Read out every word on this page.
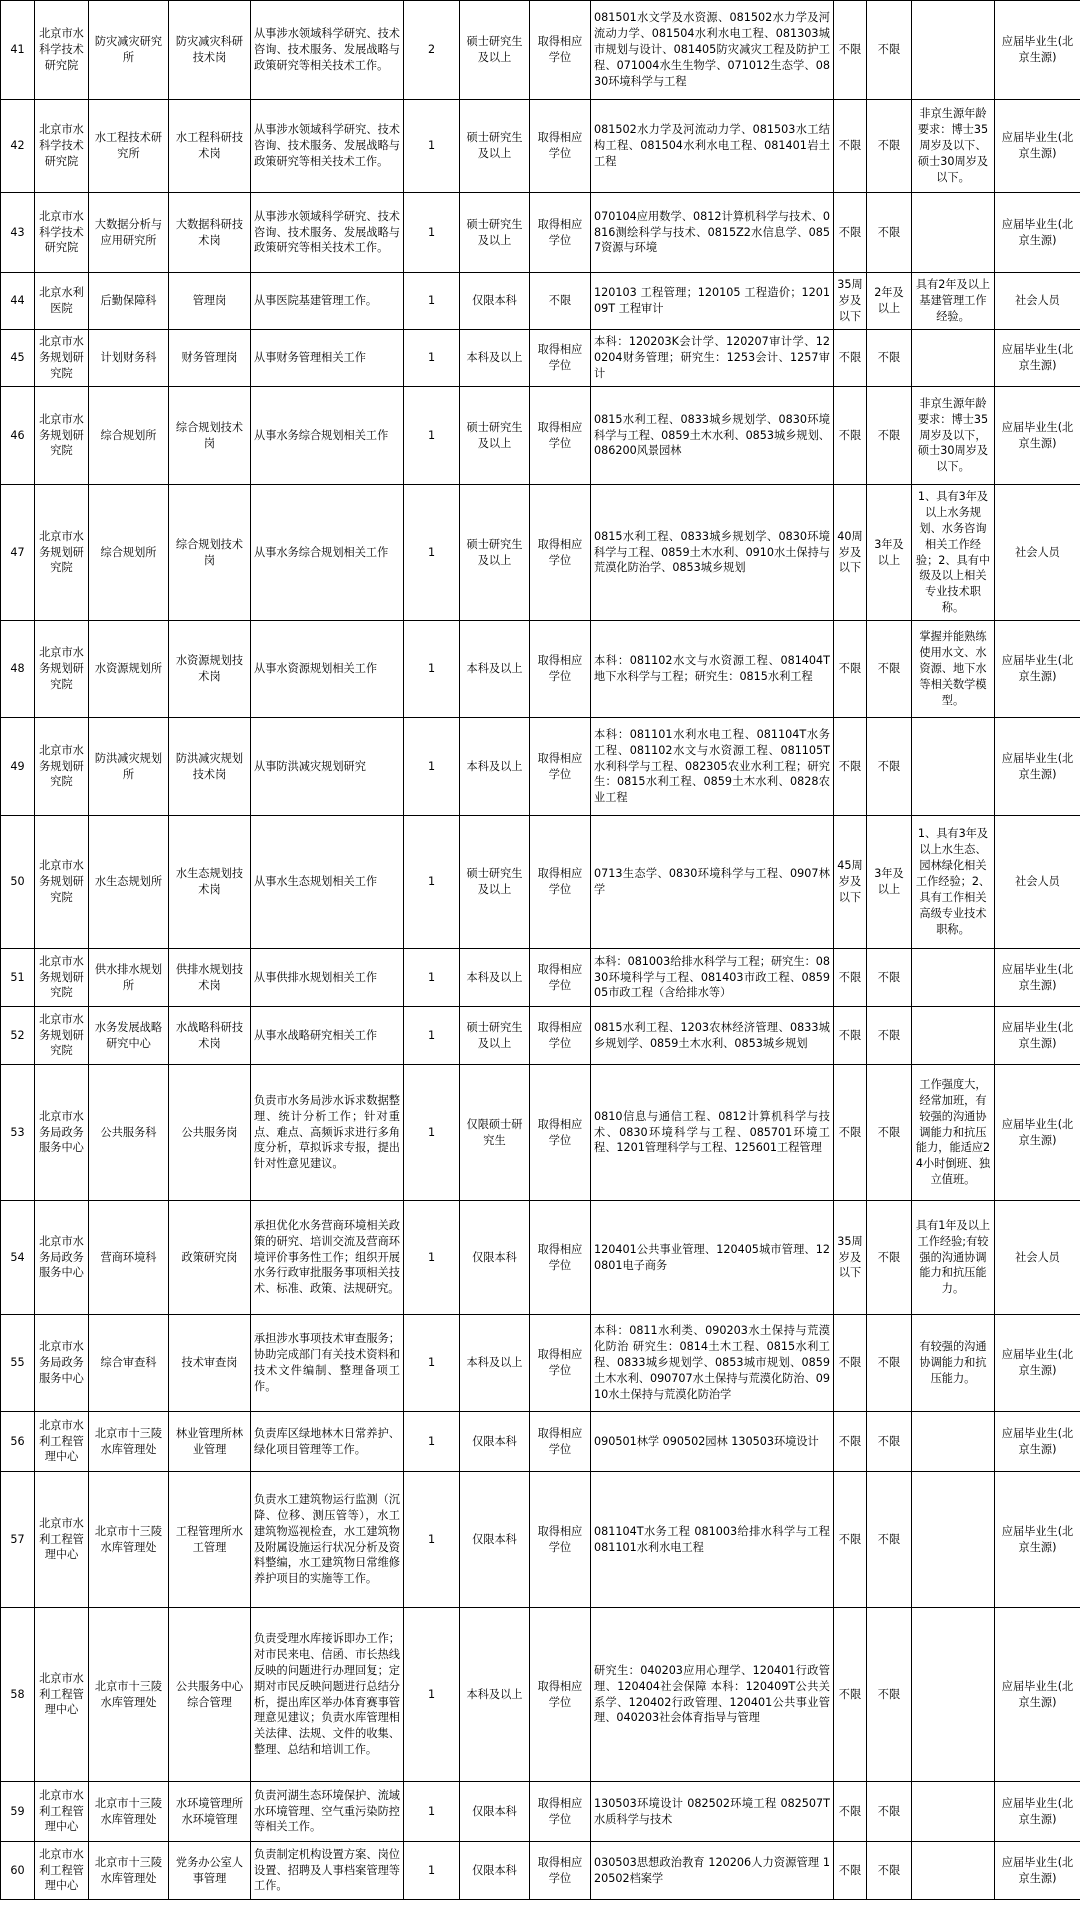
41	北京市水科学技术研究院	防灾减灾研究所	防灾减灾科研技术岗	从事涉水领域科学研究、技术咨询、技术服务、发展战略与政策研究等相关技术工作。	2	硕士研究生及以上	取得相应学位	081501水文学及水资源、081502水力学及河流动力学、081504水利水电工程、081303城市规划与设计、081405防灾减灾工程及防护工程、071004水生生物学、071012生态学、0830环境科学与工程	不限	不限		应届毕业生(北京生源)
42	北京市水科学技术研究院	水工程技术研究所	水工程科研技术岗	从事涉水领域科学研究、技术咨询、技术服务、发展战略与政策研究等相关技术工作。	1	硕士研究生及以上	取得相应学位	081502水力学及河流动力学、081503水工结构工程、081504水利水电工程、081401岩土工程	不限	不限	非京生源年龄要求：博士35周岁及以下、硕士30周岁及以下。	应届毕业生(北京生源)
43	北京市水科学技术研究院	大数据分析与应用研究所	大数据科研技术岗	从事涉水领域科学研究、技术咨询、技术服务、发展战略与政策研究等相关技术工作。	1	硕士研究生及以上	取得相应学位	070104应用数学、0812计算机科学与技术、0816测绘科学与技术、0815Z2水信息学、0857资源与环境	不限	不限		应届毕业生(北京生源)
44	北京水利医院	后勤保障科	管理岗	从事医院基建管理工作。	1	仅限本科	不限	120103 工程管理；120105 工程造价；120109T 工程审计	35周岁及以下	2年及以上	具有2年及以上基建管理工作经验。	社会人员
45	北京市水务规划研究院	计划财务科	财务管理岗	从事财务管理相关工作	1	本科及以上	取得相应学位	本科：120203K会计学、120207审计学、120204财务管理；研究生：1253会计、1257审计	不限	不限		应届毕业生(北京生源)
46	北京市水务规划研究院	综合规划所	综合规划技术岗	从事水务综合规划相关工作	1	硕士研究生及以上	取得相应学位	0815水利工程、0833城乡规划学、0830环境科学与工程、0859土木水利、0853城乡规划、086200风景园林	不限	不限	非京生源年龄要求：博士35周岁及以下，硕士30周岁及以下。	应届毕业生(北京生源)
47	北京市水务规划研究院	综合规划所	综合规划技术岗	从事水务综合规划相关工作	1	硕士研究生及以上	取得相应学位	0815水利工程、0833城乡规划学、0830环境科学与工程、0859土木水利、0910水土保持与荒漠化防治学、0853城乡规划	40周岁及以下	3年及以上	1、具有3年及以上水务规划、水务咨询相关工作经验；2、具有中级及以上相关专业技术职称。	社会人员
48	北京市水务规划研究院	水资源规划所	水资源规划技术岗	从事水资源规划相关工作	1	本科及以上	取得相应学位	本科：081102水文与水资源工程、081404T地下水科学与工程；研究生：0815水利工程	不限	不限	掌握并能熟练使用水文、水资源、地下水等相关数学模型。	应届毕业生(北京生源)
49	北京市水务规划研究院	防洪减灾规划所	防洪减灾规划技术岗	从事防洪减灾规划研究	1	本科及以上	取得相应学位	本科：081101水利水电工程、081104T水务工程、081102水文与水资源工程、081105T水利科学与工程、082305农业水利工程；研究生：0815水利工程、0859土木水利、0828农业工程	不限	不限		应届毕业生(北京生源)
50	北京市水务规划研究院	水生态规划所	水生态规划技术岗	从事水生态规划相关工作	1	硕士研究生及以上	取得相应学位	0713生态学、0830环境科学与工程、0907林学	45周岁及以下	3年及以上	1、具有3年及以上水生态、园林绿化相关工作经验；2、具有工作相关高级专业技术职称。	社会人员
51	北京市水务规划研究院	供水排水规划所	供排水规划技术岗	从事供排水规划相关工作	1	本科及以上	取得相应学位	本科：081003给排水科学与工程；研究生：0830环境科学与工程、081403市政工程、085905市政工程（含给排水等）	不限	不限		应届毕业生(北京生源)
52	北京市水务规划研究院	水务发展战略研究中心	水战略科研技术岗	从事水战略研究相关工作	1	硕士研究生及以上	取得相应学位	0815水利工程、1203农林经济管理、0833城乡规划学、0859土木水利、0853城乡规划	不限	不限		应届毕业生(北京生源)
53	北京市水务局政务服务中心	公共服务科	公共服务岗	负责市水务局涉水诉求数据整理、统计分析工作；针对重点、难点、高频诉求进行多角度分析，草拟诉求专报，提出针对性意见建议。	1	仅限硕士研究生	取得相应学位	0810信息与通信工程、0812计算机科学与技术、0830环境科学与工程、085701环境工程、1201管理科学与工程、125601工程管理	不限	不限	工作强度大，经常加班，有较强的沟通协调能力和抗压能力，能适应24小时倒班、独立值班。	应届毕业生(北京生源)
54	北京市水务局政务服务中心	营商环境科	政策研究岗	承担优化水务营商环境相关政策的研究、培训交流及营商环境评价事务性工作；组织开展水务行政审批服务事项相关技术、标准、政策、法规研究。	1	仅限本科	取得相应学位	120401公共事业管理、120405城市管理、120801电子商务	35周岁及以下	不限	具有1年及以上工作经验;有较强的沟通协调能力和抗压能力。	社会人员
55	北京市水务局政务服务中心	综合审查科	技术审查岗	承担涉水事项技术审查服务；协助完成部门有关技术资料和技术文件编制、整理备项工作。	1	本科及以上	取得相应学位	本科：0811水利类、090203水土保持与荒漠化防治 研究生：0814土木工程、0815水利工程、0833城乡规划学、0853城市规划、0859土木水利、090707水土保持与荒漠化防治、0910水土保持与荒漠化防治学	不限	不限	有较强的沟通协调能力和抗压能力。	应届毕业生(北京生源)
56	北京市水利工程管理中心	北京市十三陵水库管理处	林业管理所林业管理	负责库区绿地林木日常养护、绿化项目管理等工作。	1	仅限本科	取得相应学位	090501林学 090502园林 130503环境设计	不限	不限		应届毕业生(北京生源)
57	北京市水利工程管理中心	北京市十三陵水库管理处	工程管理所水工管理	负责水工建筑物运行监测（沉降、位移、测压管等），水工建筑物巡视检查，水工建筑物及附属设施运行状况分析及资料整编，水工建筑物日常维修养护项目的实施等工作。	1	仅限本科	取得相应学位	081104T水务工程 081003给排水科学与工程 081101水利水电工程	不限	不限		应届毕业生(北京生源)
58	北京市水利工程管理中心	北京市十三陵水库管理处	公共服务中心综合管理	负责受理水库接诉即办工作；对市民来电、信函、市长热线反映的问题进行办理回复；定期对市民反映问题进行总结分析，提出库区举办体育赛事管理意见建议；负责水库管理相关法律、法规、文件的收集、整理、总结和培训工作。	1	本科及以上	取得相应学位	研究生：040203应用心理学、120401行政管理、120404社会保障 本科：120409T公共关系学、120402行政管理、120401公共事业管理、040203社会体育指导与管理	不限	不限		应届毕业生(北京生源)
59	北京市水利工程管理中心	北京市十三陵水库管理处	水环境管理所水环境管理	负责河湖生态环境保护、流域水环境管理、空气重污染防控等相关工作。	1	仅限本科	取得相应学位	130503环境设计 082502环境工程 082507T水质科学与技术	不限	不限		应届毕业生(北京生源)
60	北京市水利工程管理中心	北京市十三陵水库管理处	党务办公室人事管理	负责制定机构设置方案、岗位设置、招聘及人事档案管理等工作。	1	仅限本科	取得相应学位	030503思想政治教育 120206人力资源管理 120502档案学	不限	不限		应届毕业生(北京生源)
